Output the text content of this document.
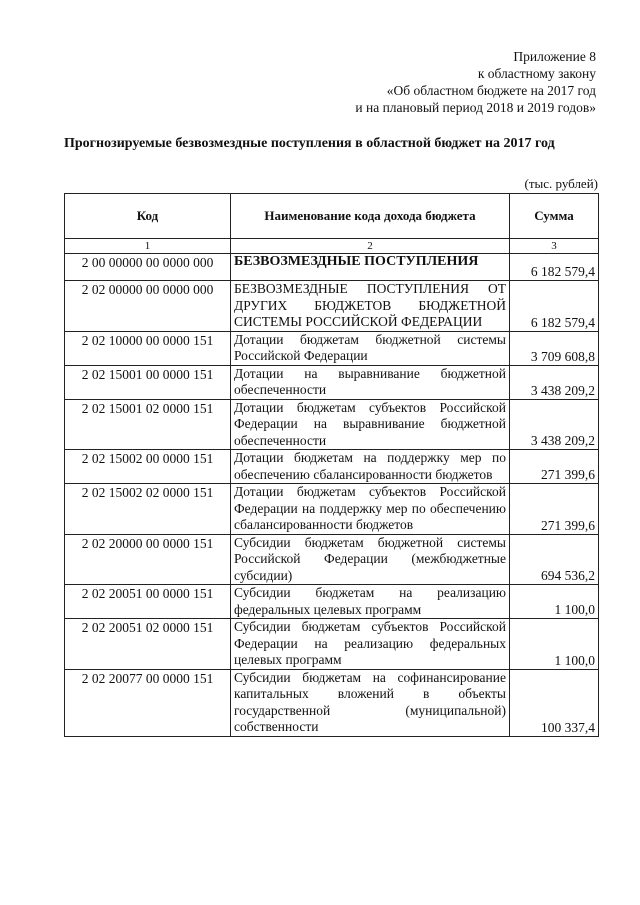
Приложение 8
к областному закону
«Об областном бюджете на 2017 год
и на плановый период 2018 и 2019 годов»
Прогнозируемые безвозмездные поступления в областной бюджет на 2017 год
(тыс. рублей)
Код	Наименование кода дохода бюджета	Сумма
1	2	3
2 00 00000 00 0000 000	БЕЗВОЗМЕЗДНЫЕ ПОСТУПЛЕНИЯ	6 182 579,4
2 02 00000 00 0000 000	БЕЗВОЗМЕЗДНЫЕ ПОСТУПЛЕНИЯ ОТ ДРУГИХ БЮДЖЕТОВ БЮДЖЕТНОЙ СИСТЕМЫ РОССИЙСКОЙ ФЕДЕРАЦИИ	6 182 579,4
2 02 10000 00 0000 151	Дотации бюджетам бюджетной системы Российской Федерации	3 709 608,8
2 02 15001 00 0000 151	Дотации на выравнивание бюджетной обеспеченности	3 438 209,2
2 02 15001 02 0000 151	Дотации бюджетам субъектов Российской Федерации на выравнивание бюджетной обеспеченности	3 438 209,2
2 02 15002 00 0000 151	Дотации бюджетам на поддержку мер по обеспечению сбалансированности бюджетов	271 399,6
2 02 15002 02 0000 151	Дотации бюджетам субъектов Российской Федерации на поддержку мер по обеспечению сбалансированности бюджетов	271 399,6
2 02 20000 00 0000 151	Субсидии бюджетам бюджетной системы Российской Федерации (межбюджетные субсидии)	694 536,2
2 02 20051 00 0000 151	Субсидии бюджетам на реализацию федеральных целевых программ	1 100,0
2 02 20051 02 0000 151	Субсидии бюджетам субъектов Российской Федерации на реализацию федеральных целевых программ	1 100,0
2 02 20077 00 0000 151	Субсидии бюджетам на софинансирование капитальных вложений в объекты государственной (муниципальной) собственности	100 337,4
